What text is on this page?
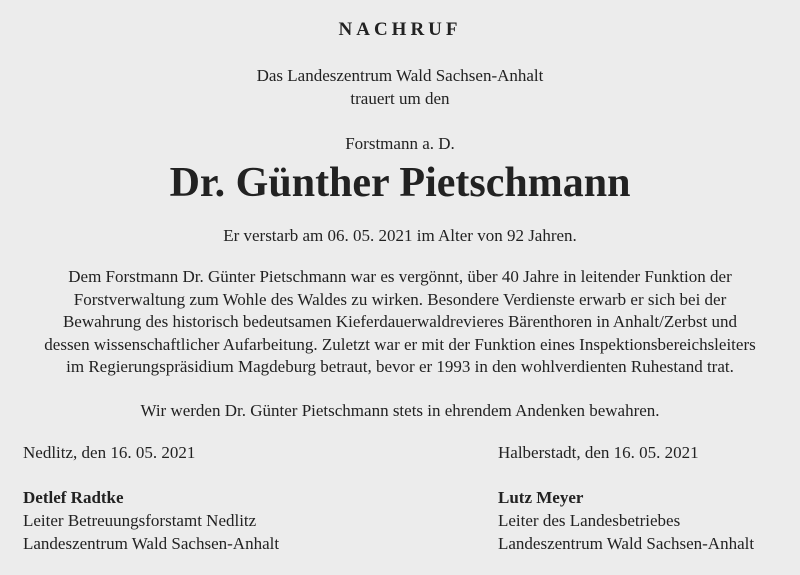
NACHRUF
Das Landeszentrum Wald Sachsen-Anhalt
trauert um den
Forstmann a. D.
Dr. Günther Pietschmann
Er verstarb am 06. 05. 2021 im Alter von 92 Jahren.
Dem Forstmann Dr. Günter Pietschmann war es vergönnt, über 40 Jahre in leitender Funktion der
Forstverwaltung zum Wohle des Waldes zu wirken. Besondere Verdienste erwarb er sich bei der
Bewahrung des historisch bedeutsamen Kieferdauerwaldrevieres Bärenthoren in Anhalt/Zerbst und
dessen wissenschaftlicher Aufarbeitung. Zuletzt war er mit der Funktion eines Inspektionsbereichsleiters
im Regierungspräsidium Magdeburg betraut, bevor er 1993 in den wohlverdienten Ruhestand trat.
Wir werden Dr. Günter Pietschmann stets in ehrendem Andenken bewahren.
Nedlitz, den 16. 05. 2021	Halberstadt, den 16. 05. 2021
Detlef Radtke
Leiter Betreuungsforstamt Nedlitz
Landeszentrum Wald Sachsen-Anhalt
Lutz Meyer
Leiter des Landesbetriebes
Landeszentrum Wald Sachsen-Anhalt
